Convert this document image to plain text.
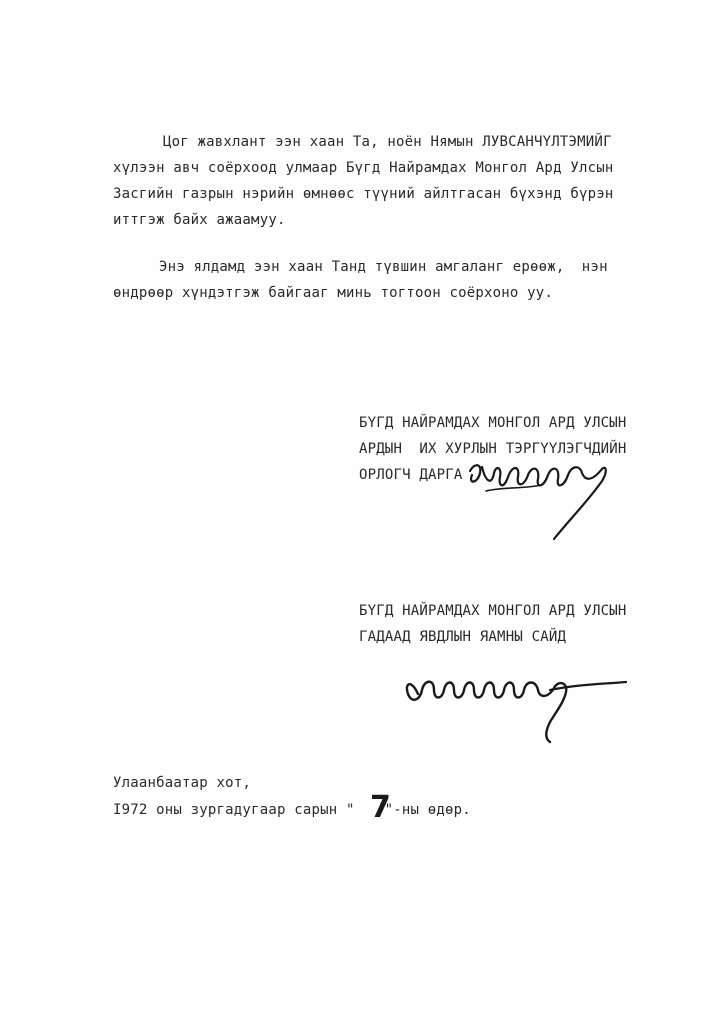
Цог жавхлант ээн хаан Та, ноён Нямын ЛУВСАНЧҮЛТЭМИЙГ
хүлээн авч соёрхоод улмаар Бүгд Найрамдах Монгол Ард Улсын
Засгийн газрын нэрийн өмнөөс түүний айлтгасан бүхэнд бүрэн
иттгэж байх ажаамуу.
Энэ ялдамд ээн хаан Танд түвшин амгаланг ерөөж,  нэн
өндрөөр хүндэтгэж байгааг минь тогтоон соёрхоно уу.
БҮГД НАЙРАМДАХ МОНГОЛ АРД УЛСЫН
АРДЫН  ИХ ХУРЛЫН ТЭРГҮҮЛЭГЧДИЙН
ОРЛОГЧ ДАРГА
БҮГД НАЙРАМДАХ МОНГОЛ АРД УЛСЫН
ГАДААД ЯВДЛЫН ЯАМНЫ САЙД
Улаанбаатар хот,
I972 оны зургадугаар сарын " "-ны өдөр.
7
